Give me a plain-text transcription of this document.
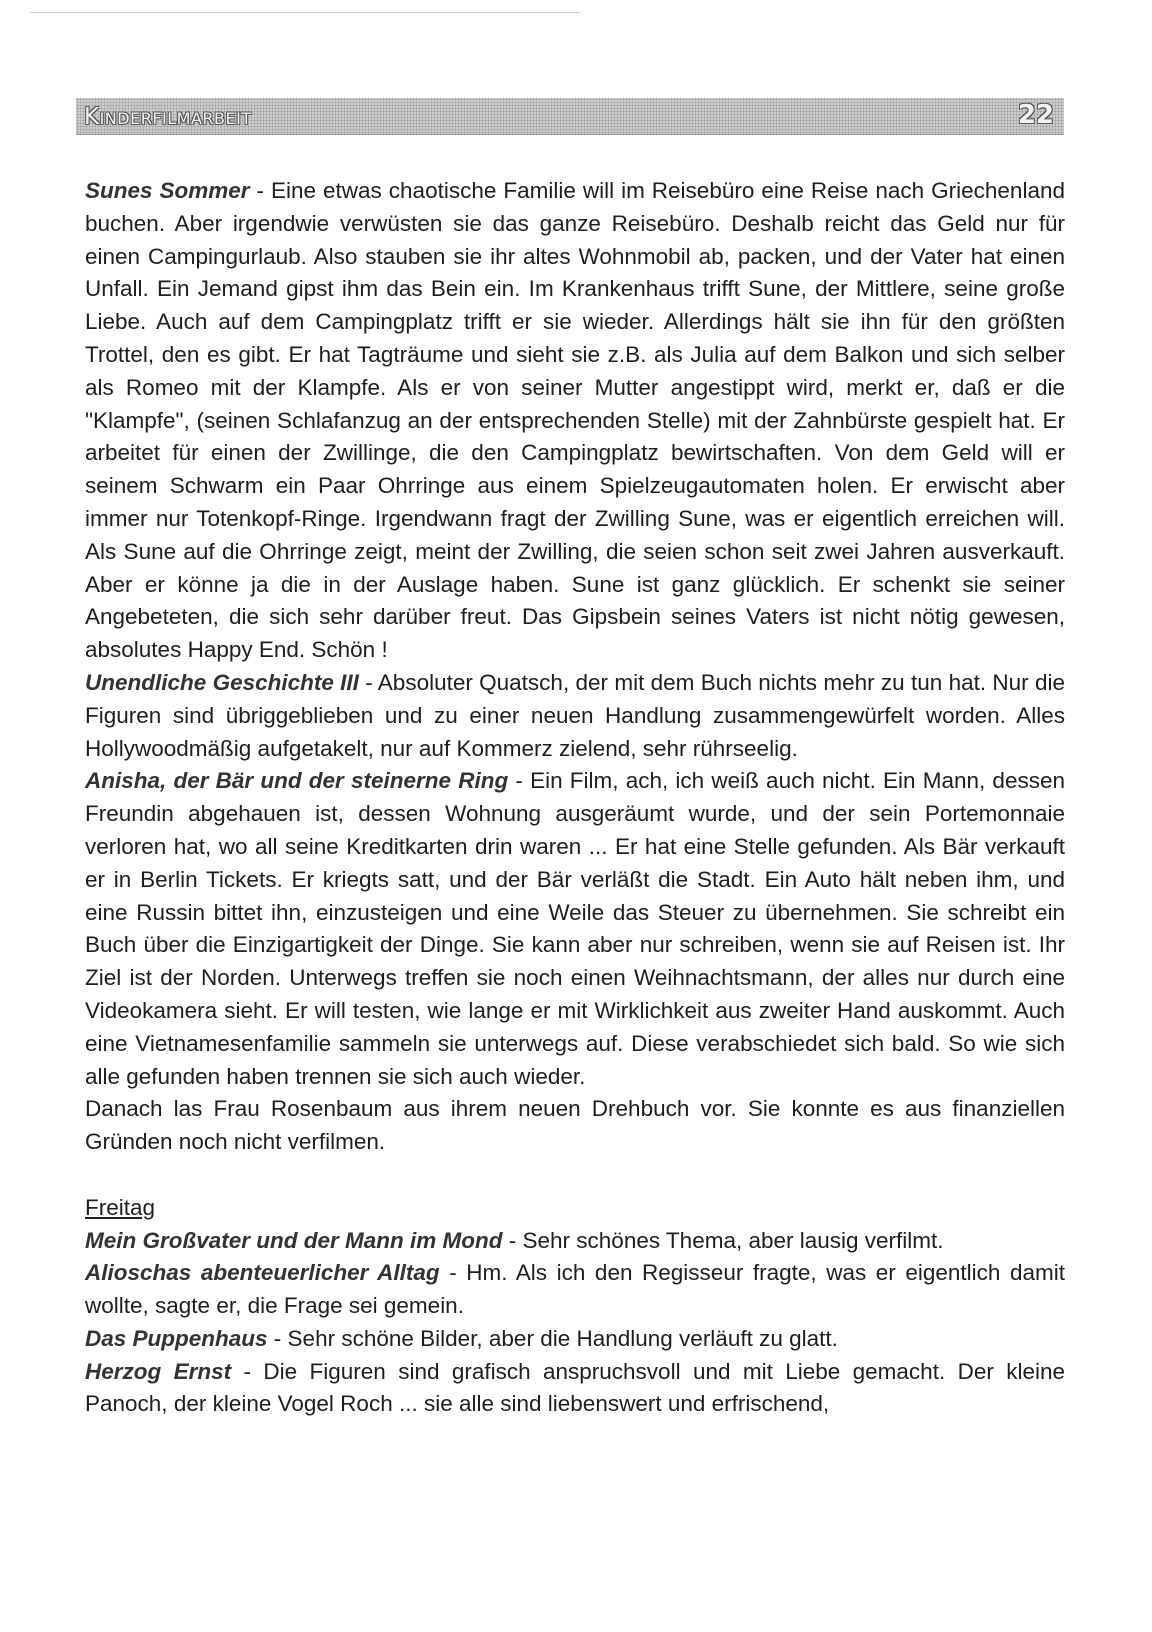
Kinderfilmarbeit	22

Sunes Sommer - Eine etwas chaotische Familie will im Reisebüro eine Reise nach Griechenland buchen. Aber irgendwie verwüsten sie das ganze Reisebüro. Deshalb reicht das Geld nur für einen Campingurlaub. Also stauben sie ihr altes Wohnmobil ab, packen, und der Vater hat einen Unfall. Ein Jemand gipst ihm das Bein ein. Im Krankenhaus trifft Sune, der Mittlere, seine große Liebe. Auch auf dem Campingplatz trifft er sie wieder. Allerdings hält sie ihn für den größten Trottel, den es gibt. Er hat Tagträume und sieht sie z.B. als Julia auf dem Balkon und sich selber als Romeo mit der Klampfe. Als er von seiner Mutter angestippt wird, merkt er, daß er die "Klampfe", (seinen Schlafanzug an der entsprechenden Stelle) mit der Zahnbürste gespielt hat. Er arbeitet für einen der Zwillinge, die den Campingplatz bewirtschaften. Von dem Geld will er seinem Schwarm ein Paar Ohrringe aus einem Spielzeugautomaten holen. Er erwischt aber immer nur Totenkopf-Ringe. Irgendwann fragt der Zwilling Sune, was er eigentlich erreichen will. Als Sune auf die Ohrringe zeigt, meint der Zwilling, die seien schon seit zwei Jahren ausverkauft. Aber er könne ja die in der Auslage haben. Sune ist ganz glücklich. Er schenkt sie seiner Angebeteten, die sich sehr darüber freut. Das Gipsbein seines Vaters ist nicht nötig gewesen, absolutes Happy End. Schön !

Unendliche Geschichte III - Absoluter Quatsch, der mit dem Buch nichts mehr zu tun hat. Nur die Figuren sind übriggeblieben und zu einer neuen Handlung zusammengewürfelt worden. Alles Hollywoodmäßig aufgetakelt, nur auf Kommerz zielend, sehr rührseelig.

Anisha, der Bär und der steinerne Ring - Ein Film, ach, ich weiß auch nicht. Ein Mann, dessen Freundin abgehauen ist, dessen Wohnung ausgeräumt wurde, und der sein Portemonnaie verloren hat, wo all seine Kreditkarten drin waren ... Er hat eine Stelle gefunden. Als Bär verkauft er in Berlin Tickets. Er kriegts satt, und der Bär verläßt die Stadt. Ein Auto hält neben ihm, und eine Russin bittet ihn, einzusteigen und eine Weile das Steuer zu übernehmen. Sie schreibt ein Buch über die Einzigartigkeit der Dinge. Sie kann aber nur schreiben, wenn sie auf Reisen ist. Ihr Ziel ist der Norden. Unterwegs treffen sie noch einen Weihnachtsmann, der alles nur durch eine Videokamera sieht. Er will testen, wie lange er mit Wirklichkeit aus zweiter Hand auskommt. Auch eine Vietnamesenfamilie sammeln sie unterwegs auf. Diese verabschiedet sich bald. So wie sich alle gefunden haben trennen sie sich auch wieder.

Danach las Frau Rosenbaum aus ihrem neuen Drehbuch vor. Sie konnte es aus finanziellen Gründen noch nicht verfilmen.

Freitag

Mein Großvater und der Mann im Mond - Sehr schönes Thema, aber lausig verfilmt.

Alioschas abenteuerlicher Alltag - Hm. Als ich den Regisseur fragte, was er eigentlich damit wollte, sagte er, die Frage sei gemein.

Das Puppenhaus - Sehr schöne Bilder, aber die Handlung verläuft zu glatt.

Herzog Ernst - Die Figuren sind grafisch anspruchsvoll und mit Liebe gemacht. Der kleine Panoch, der kleine Vogel Roch ... sie alle sind liebenswert und erfrischend,
